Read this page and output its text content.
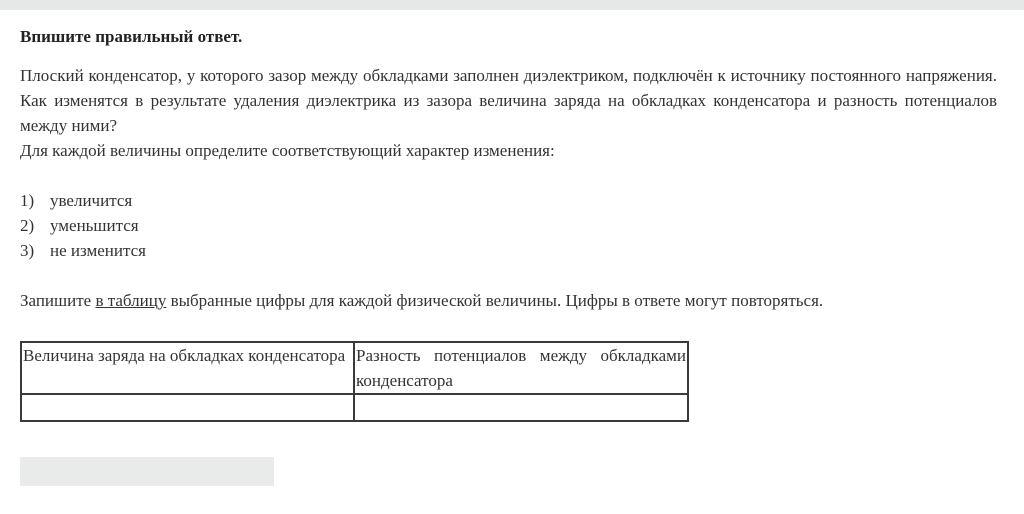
Впишите правильный ответ.

Плоский конденсатор, у которого зазор между обкладками заполнен диэлектриком, подключён к источнику постоянного напряжения. Как изменятся в результате удаления диэлектрика из зазора величина заряда на обкладках конденсатора и разность потенциалов между ними?

Для каждой величины определите соответствующий характер изменения:

1) увеличится
2) уменьшится
3) не изменится

Запишите в таблицу выбранные цифры для каждой физической величины. Цифры в ответе могут повторяться.

Величина заряда на обкладках конденсатора	Разность потенциалов между обкладками конденсатора
